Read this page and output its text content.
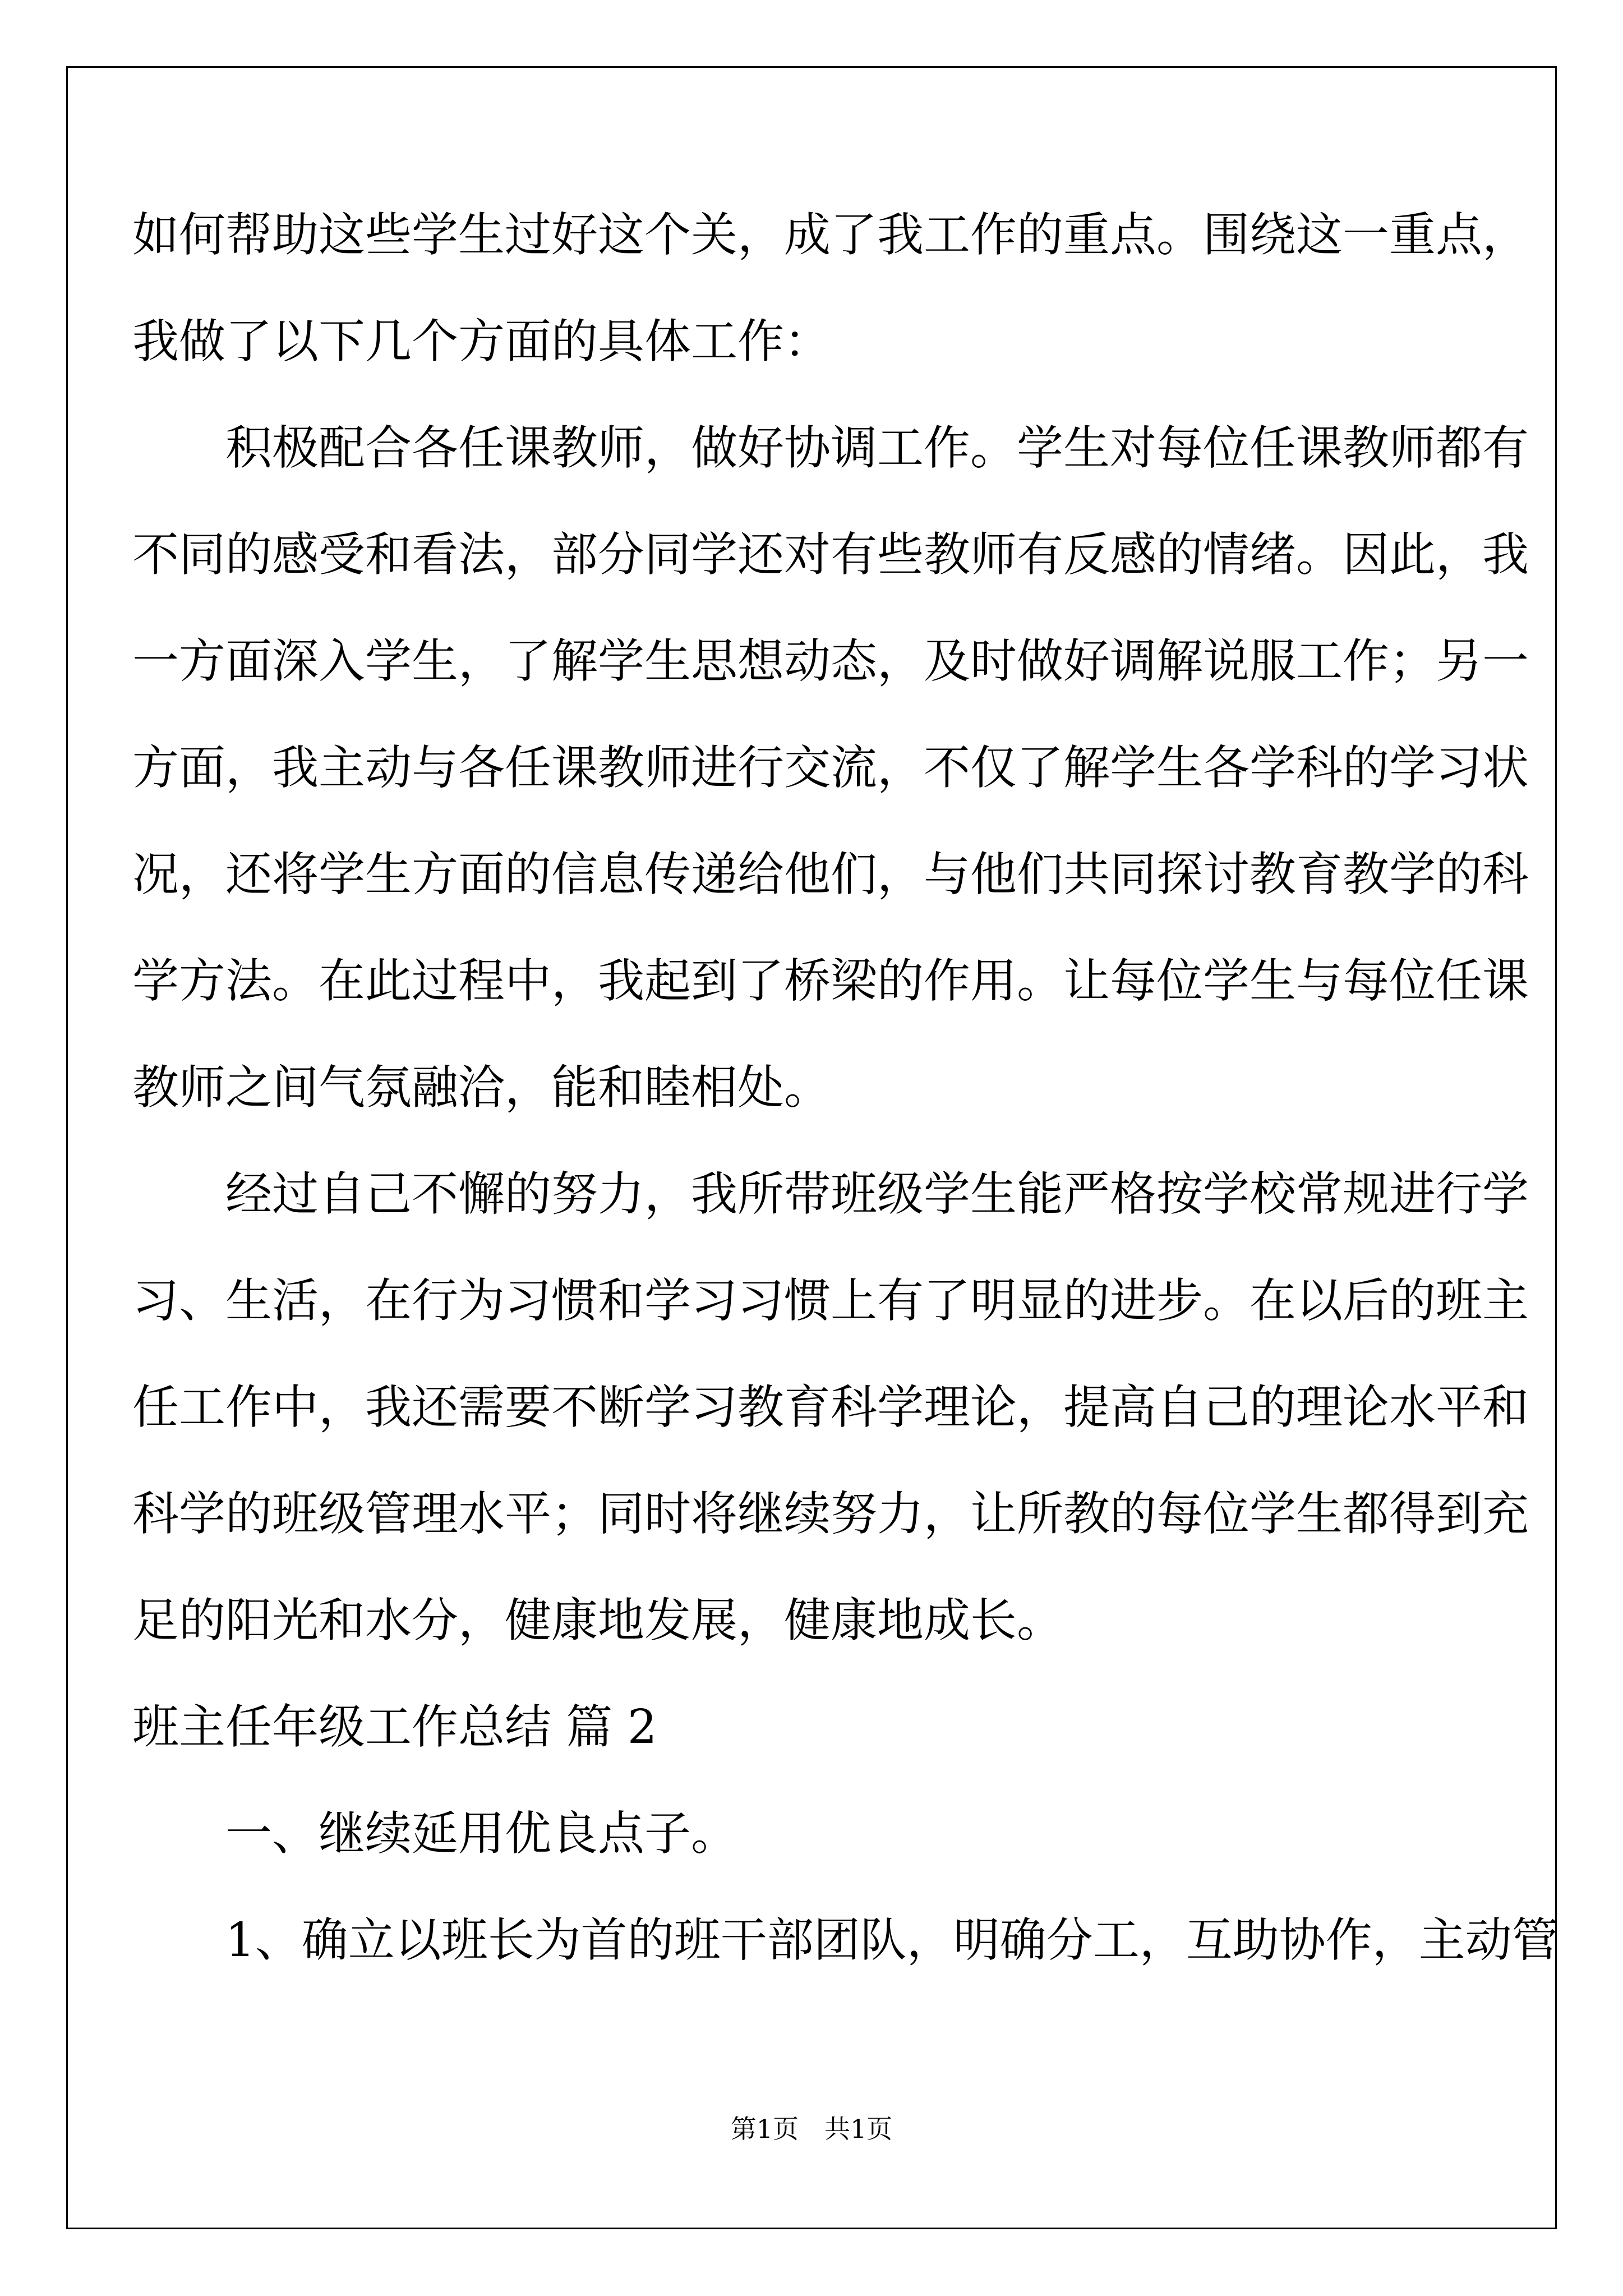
如何帮助这些学生过好这个关，成了我工作的重点。围绕这一重点，
我做了以下几个方面的具体工作：
　　积极配合各任课教师，做好协调工作。学生对每位任课教师都有
不同的感受和看法，部分同学还对有些教师有反感的情绪。因此，我
一方面深入学生，了解学生思想动态，及时做好调解说服工作；另一
方面，我主动与各任课教师进行交流，不仅了解学生各学科的学习状
况，还将学生方面的信息传递给他们，与他们共同探讨教育教学的科
学方法。在此过程中，我起到了桥梁的作用。让每位学生与每位任课
教师之间气氛融洽，能和睦相处。
　　经过自己不懈的努力，我所带班级学生能严格按学校常规进行学
习、生活，在行为习惯和学习习惯上有了明显的进步。在以后的班主
任工作中，我还需要不断学习教育科学理论，提高自己的理论水平和
科学的班级管理水平；同时将继续努力，让所教的每位学生都得到充
足的阳光和水分，健康地发展，健康地成长。
班主任年级工作总结 篇 2
　　一、继续延用优良点子。
　　1、确立以班长为首的班干部团队，明确分工，互助协作，主动管
第1页　共1页
